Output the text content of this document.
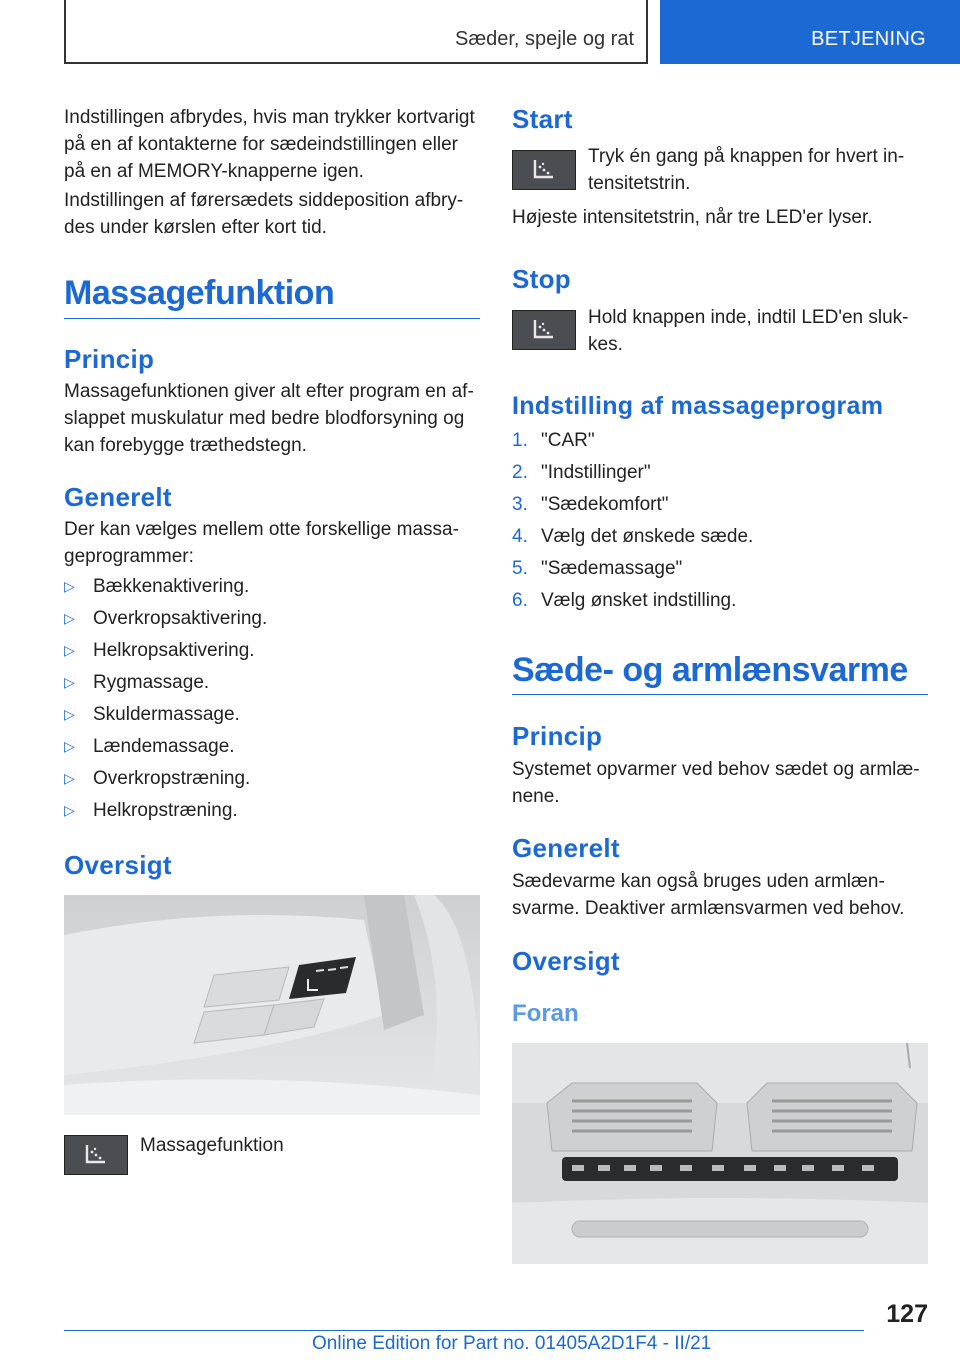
Sæder, spejle og rat	BETJENING
Indstillingen afbrydes, hvis man trykker kortvarigt på en af kontakterne for sædeindstillingen eller på en af MEMORY-knapperne igen.
Indstillingen af førersædets siddeposition afbry-des under kørslen efter kort tid.
Massagefunktion
Princip
Massagefunktionen giver alt efter program en af-slappet muskulatur med bedre blodforsyning og kan forebygge træthedstegn.
Generelt
Der kan vælges mellem otte forskellige massa-geprogrammer:
▷ Bækkenaktivering.
▷ Overkropsaktivering.
▷ Helkropsaktivering.
▷ Rygmassage.
▷ Skuldermassage.
▷ Lændemassage.
▷ Overkropstræning.
▷ Helkropstræning.
Oversigt
Massagefunktion
Start
Tryk én gang på knappen for hvert in-tensitetstrin.
Højeste intensitetstrin, når tre LED'er lyser.
Stop
Hold knappen inde, indtil LED'en sluk-kes.
Indstilling af massageprogram
1. "CAR"
2. "Indstillinger"
3. "Sædekomfort"
4. Vælg det ønskede sæde.
5. "Sædemassage"
6. Vælg ønsket indstilling.
Sæde- og armlænsvarme
Princip
Systemet opvarmer ved behov sædet og armlæ-nene.
Generelt
Sædevarme kan også bruges uden armlæn-svarme. Deaktiver armlænsvarmen ved behov.
Oversigt
Foran
127
Online Edition for Part no. 01405A2D1F4 - II/21
